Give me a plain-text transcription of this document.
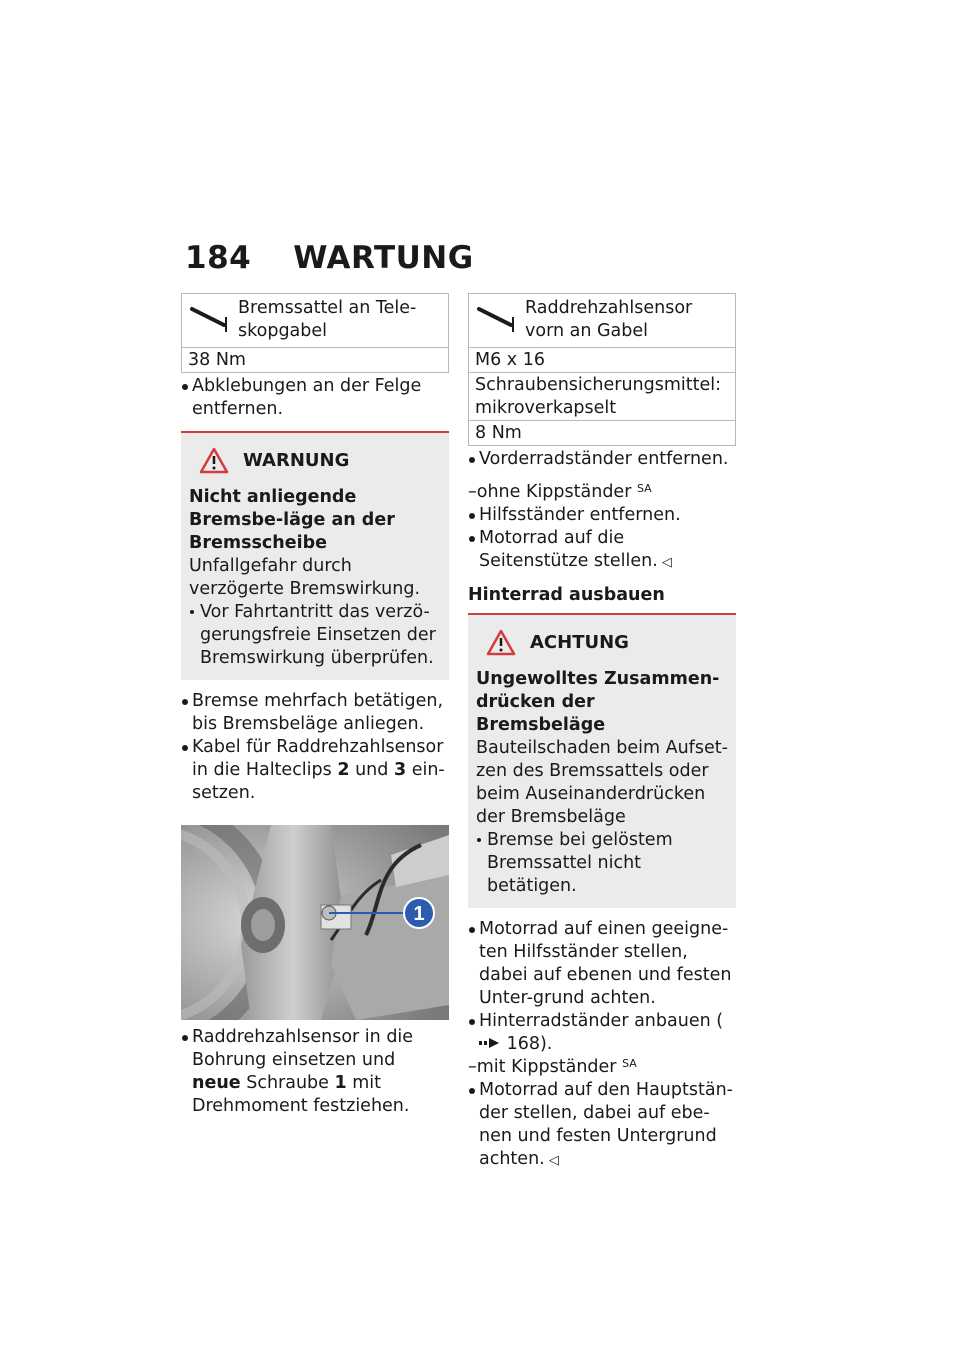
184 WARTUNG
Bremssattel an Tele-skopgabel
38 Nm
Abklebungen an der Felge entfernen.
WARNUNG
Nicht anliegende Bremsbe-läge an der Bremsscheibe
Unfallgefahr durch verzögerte Bremswirkung.
Vor Fahrtantritt das verzö-gerungsfreie Einsetzen der Bremswirkung überprüfen.
Bremse mehrfach betätigen, bis Bremsbeläge anliegen.
Kabel für Raddrehzahlsensor in die Halteclips 2 und 3 ein-setzen.
1
Raddrehzahlsensor in die Bohrung einsetzen und neue Schraube 1 mit Drehmoment festziehen.
Raddrehzahlsensor vorn an Gabel
M6 x 16
Schraubensicherungsmittel: mikroverkapselt
8 Nm
Vorderradständer entfernen.
–ohne Kippständer $^{SA}$
Hilfsständer entfernen.
Motorrad auf die Seitenstütze stellen. ◁
Hinterrad ausbauen
ACHTUNG
Ungewolltes Zusammen-drücken der Bremsbeläge
Bauteilschaden beim Aufset-zen des Bremssattels oder beim Auseinanderdrücken der Bremsbeläge
Bremse bei gelöstem Bremssattel nicht betätigen.
Motorrad auf einen geeigne-ten Hilfsständer stellen, dabei auf ebenen und festen Unter-grund achten.
Hinterradständer anbauen ( 168).
–mit Kippständer $^{SA}$
Motorrad auf den Hauptstän-der stellen, dabei auf ebe-nen und festen Untergrund achten. ◁
